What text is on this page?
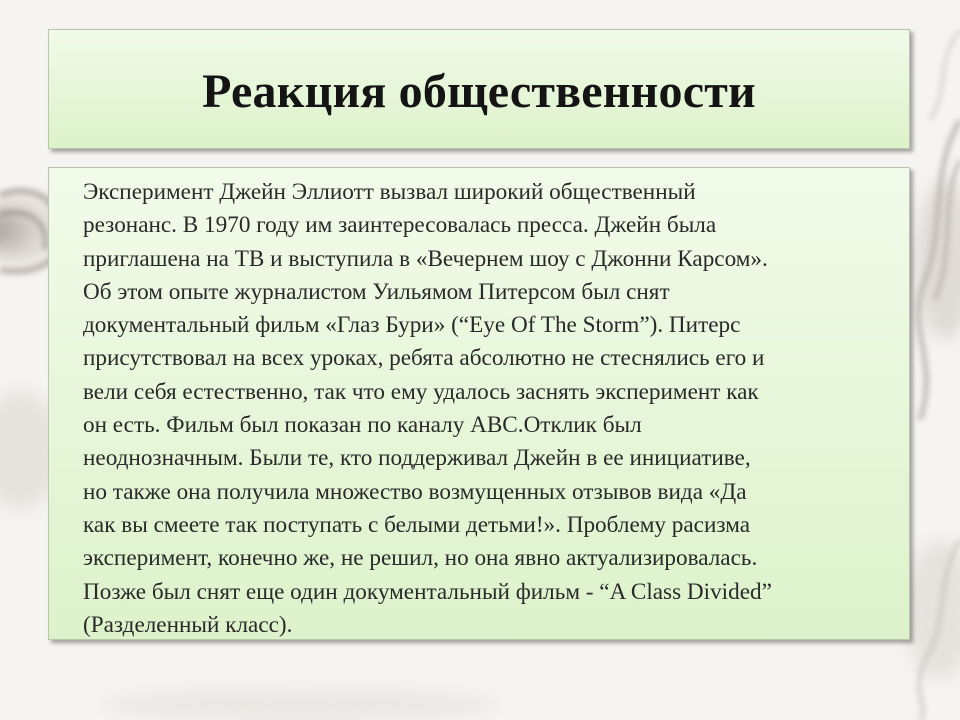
Реакция общественности

Эксперимент Джейн Эллиотт вызвал широкий общественный
резонанс. В 1970 году им заинтересовалась пресса. Джейн была
приглашена на ТВ и выступила в «Вечернем шоу с Джонни Карсом».
Об этом опыте журналистом Уильямом Питерсом был снят
документальный фильм «Глаз Бури» (“Eye Of The Storm”). Питерс
присутствовал на всех уроках, ребята абсолютно не стеснялись его и
вели себя естественно, так что ему удалось заснять эксперимент как
он есть. Фильм был показан по каналу ABC.Отклик был
неоднозначным. Были те, кто поддерживал Джейн в ее инициативе,
но также она получила множество возмущенных отзывов вида «Да
как вы смеете так поступать с белыми детьми!». Проблему расизма
эксперимент, конечно же, не решил, но она явно актуализировалась.
Позже был снят еще один документальный фильм - “A Class Divided”
(Разделенный класс).
